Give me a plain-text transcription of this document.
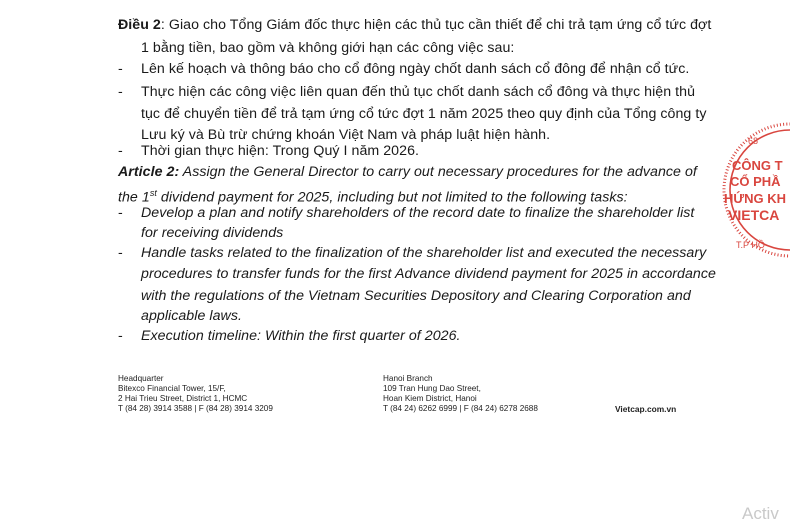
Điều 2: Giao cho Tổng Giám đốc thực hiện các thủ tục cần thiết để chi trả tạm ứng cổ tức đợt
1 bằng tiền, bao gồm và không giới hạn các công việc sau:
- Lên kế hoạch và thông báo cho cổ đông ngày chốt danh sách cổ đông để nhận cổ tức.
- Thực hiện các công việc liên quan đến thủ tục chốt danh sách cổ đông và thực hiện thủ
tục để chuyển tiền để trả tạm ứng cổ tức đợt 1 năm 2025 theo quy định của Tổng công ty
Lưu ký và Bù trừ chứng khoán Việt Nam và pháp luật hiện hành.
- Thời gian thực hiện: Trong Quý I năm 2026.
Article 2: Assign the General Director to carry out necessary procedures for the advance of
the 1st dividend payment for 2025, including but not limited to the following tasks:
- Develop a plan and notify shareholders of the record date to finalize the shareholder list
for receiving dividends
- Handle tasks related to the finalization of the shareholder list and executed the necessary
procedures to transfer funds for the first Advance dividend payment for 2025 in accordance
with the regulations of the Vietnam Securities Depository and Clearing Corporation and
applicable laws.
- Execution timeline: Within the first quarter of 2026.
68
CÔNG T
CỔ PHẦ
HỨNG KH
VIETCA
T.P HỒ
Headquarter
Bitexco Financial Tower, 15/F,
2 Hai Trieu Street, District 1, HCMC
T (84 28) 3914 3588 | F (84 28) 3914 3209
Hanoi Branch
109 Tran Hung Dao Street,
Hoan Kiem District, Hanoi
T (84 24) 6262 6999 | F (84 24) 6278 2688	Vietcap.com.vn
Activ
